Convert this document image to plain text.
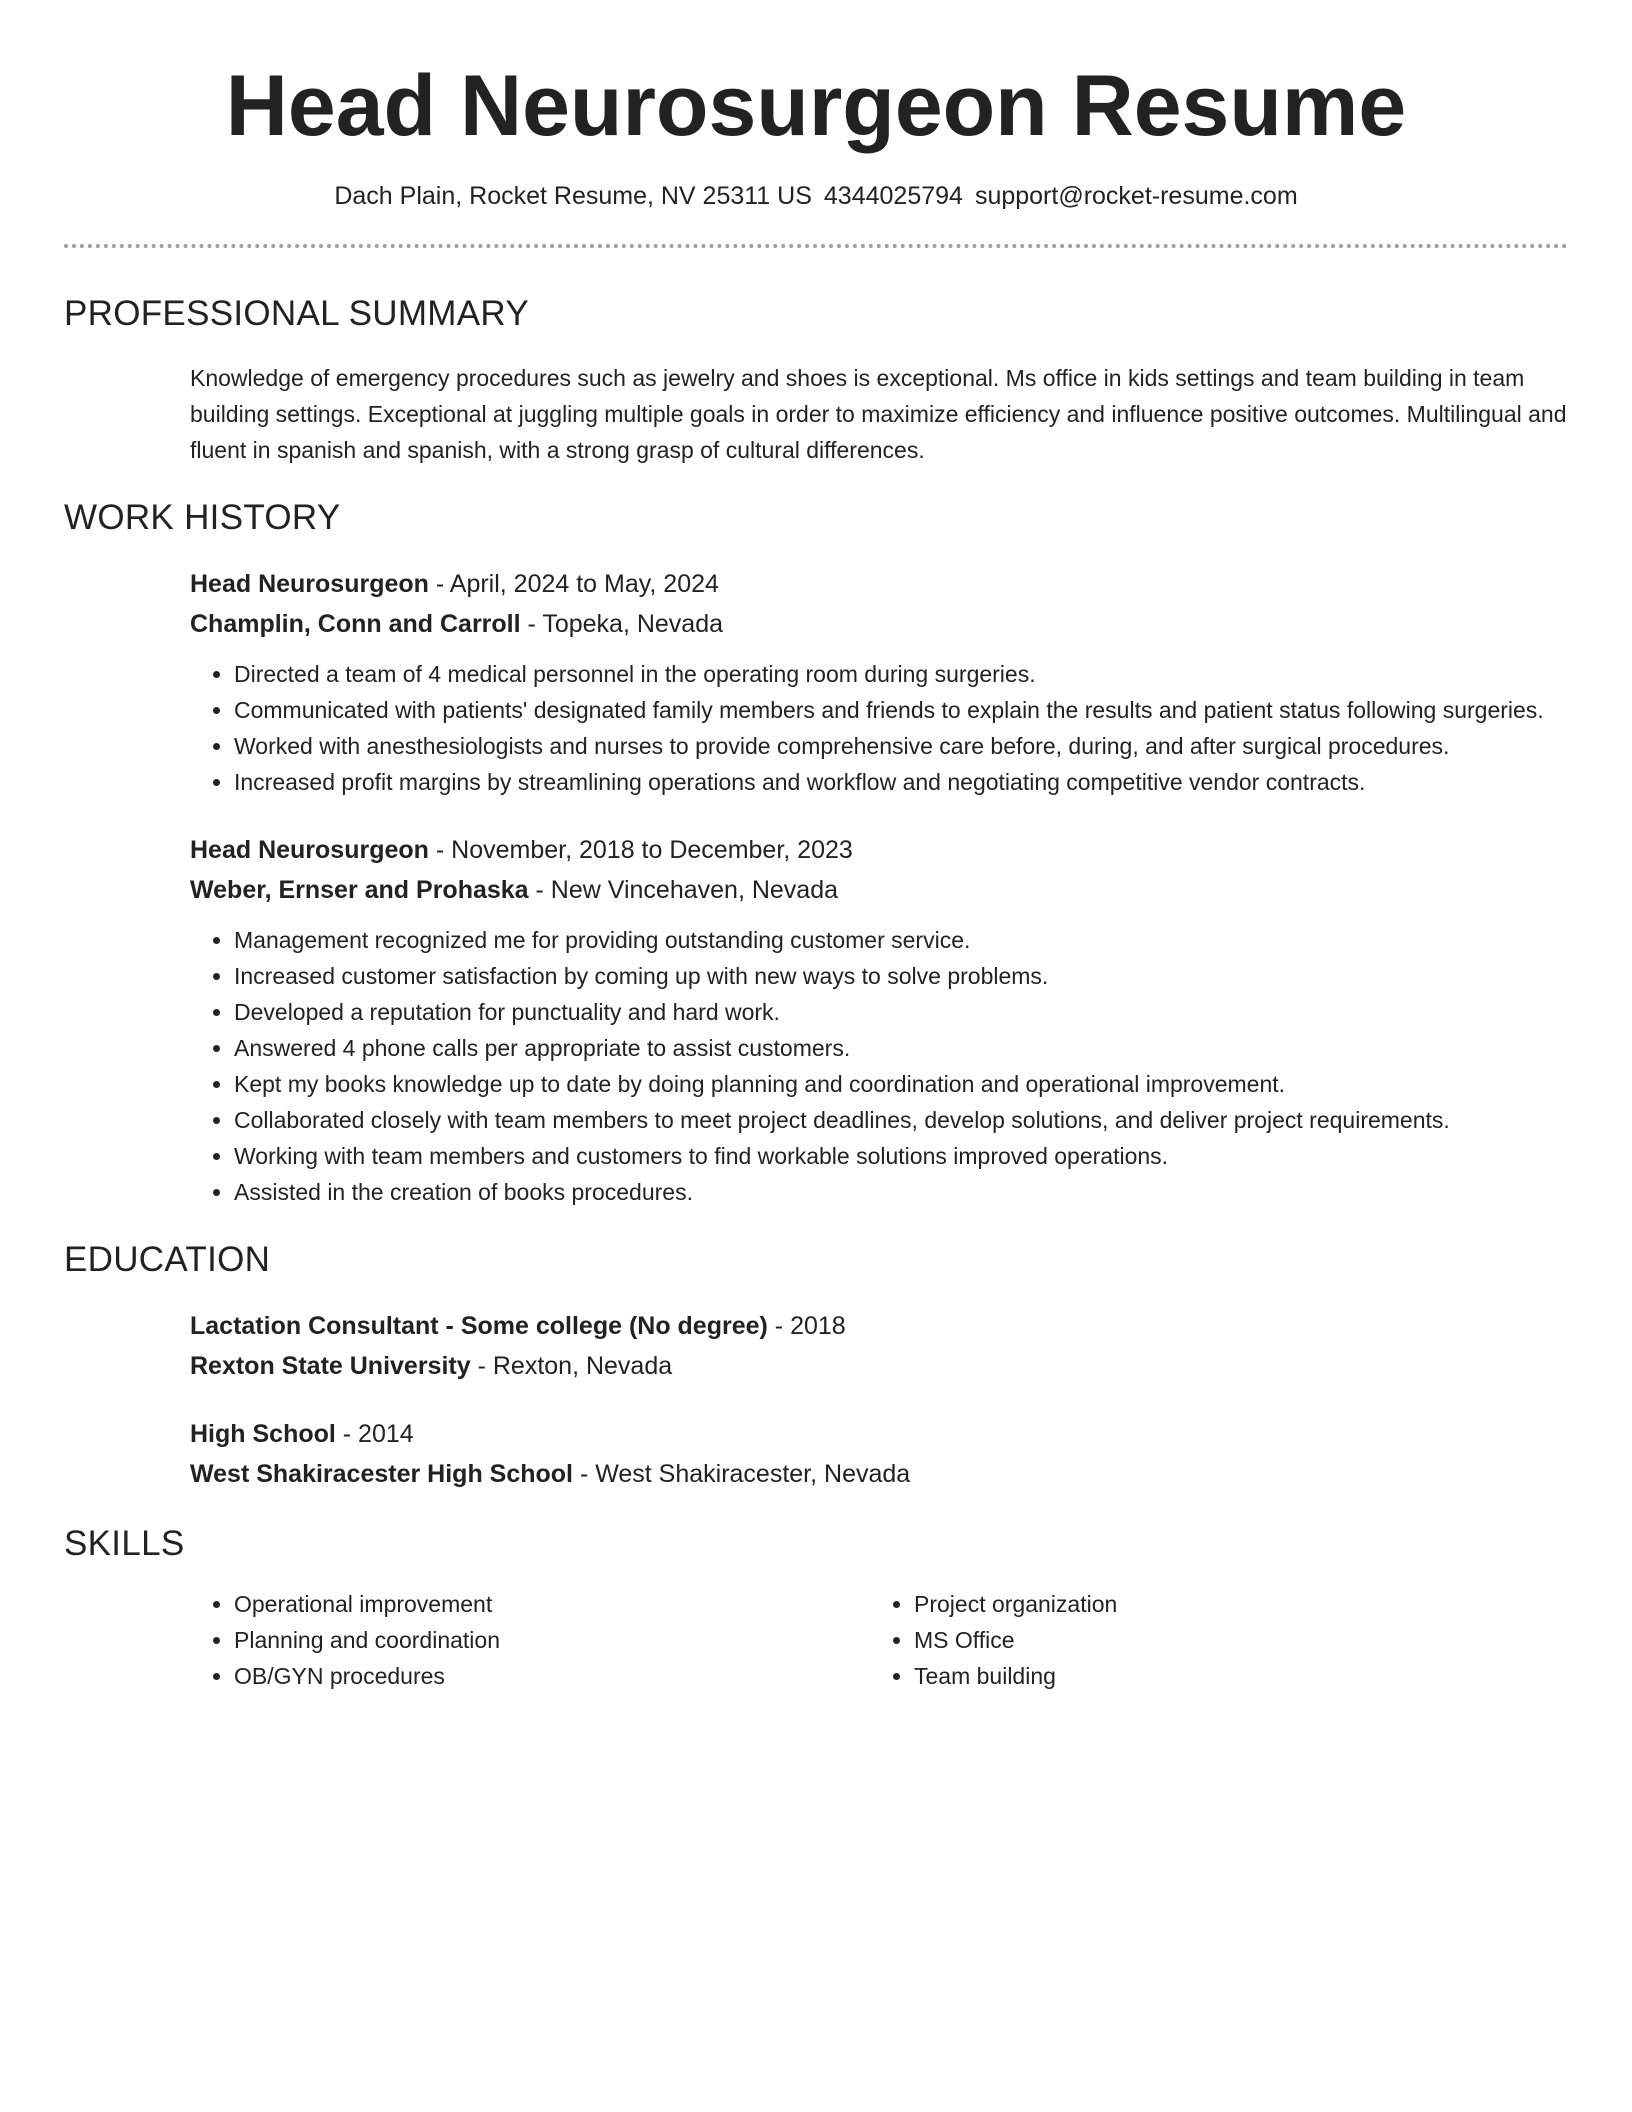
Head Neurosurgeon Resume
Dach Plain, Rocket Resume, NV 25311 US 4344025794 support@rocket-resume.com
PROFESSIONAL SUMMARY

Knowledge of emergency procedures such as jewelry and shoes is exceptional. Ms office in kids settings and team building in team building settings. Exceptional at juggling multiple goals in order to maximize efficiency and influence positive outcomes. Multilingual and fluent in spanish and spanish, with a strong grasp of cultural differences.

WORK HISTORY

Head Neurosurgeon - April, 2024 to May, 2024

Champlin, Conn and Carroll - Topeka, Nevada

• Directed a team of 4 medical personnel in the operating room during surgeries.
• Communicated with patients' designated family members and friends to explain the results and patient status following surgeries.
• Worked with anesthesiologists and nurses to provide comprehensive care before, during, and after surgical procedures.
• Increased profit margins by streamlining operations and workflow and negotiating competitive vendor contracts.

Head Neurosurgeon - November, 2018 to December, 2023

Weber, Ernser and Prohaska - New Vincehaven, Nevada

• Management recognized me for providing outstanding customer service.
• Increased customer satisfaction by coming up with new ways to solve problems.
• Developed a reputation for punctuality and hard work.
• Answered 4 phone calls per appropriate to assist customers.
• Kept my books knowledge up to date by doing planning and coordination and operational improvement.
• Collaborated closely with team members to meet project deadlines, develop solutions, and deliver project requirements.
• Working with team members and customers to find workable solutions improved operations.
• Assisted in the creation of books procedures.
EDUCATION

Lactation Consultant - Some college (No degree) - 2018

Rexton State University - Rexton, Nevada

High School - 2014

West Shakiracester High School - West Shakiracester, Nevada

SKILLS
• Operational improvement
• Planning and coordination
• OB/GYN procedures
• Project organization
• MS Office
• Team building
